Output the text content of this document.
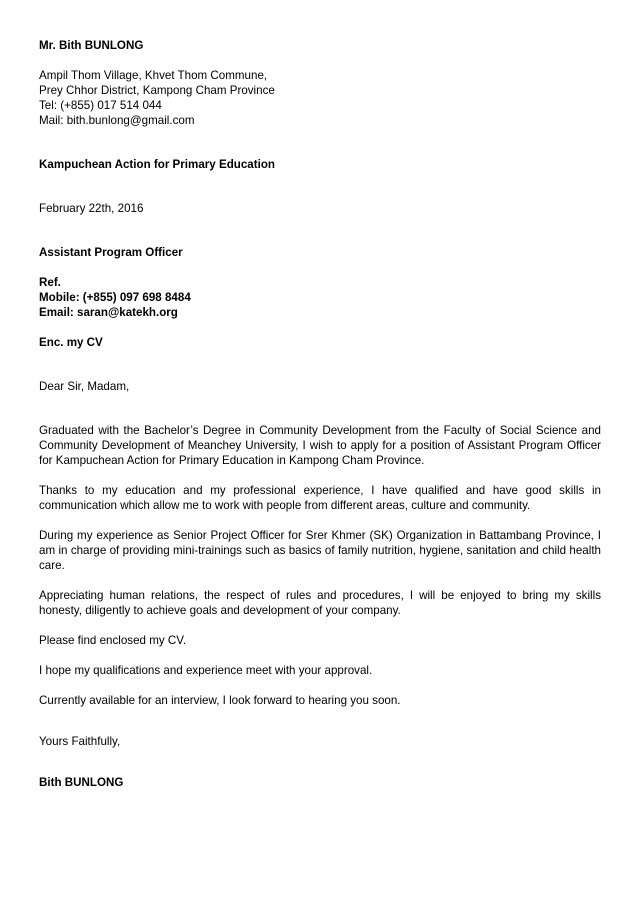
Mr. Bith BUNLONG
Ampil Thom Village, Khvet Thom Commune,
Prey Chhor District, Kampong Cham Province
Tel: (+855) 017 514 044
Mail: bith.bunlong@gmail.com
Kampuchean Action for Primary Education
February 22th, 2016
Assistant Program Officer
Ref.
Mobile: (+855) 097 698 8484
Email: saran@katekh.org
Enc. my CV
Dear Sir, Madam,

Graduated with the Bachelor’s Degree in Community Development from the Faculty of Social Science and Community Development of Meanchey University, I wish to apply for a position of Assistant Program Officer for Kampuchean Action for Primary Education in Kampong Cham Province.

Thanks to my education and my professional experience, I have qualified and have good skills in communication which allow me to work with people from different areas, culture and community.

During my experience as Senior Project Officer for Srer Khmer (SK) Organization in Battambang Province, I am in charge of providing mini-trainings such as basics of family nutrition, hygiene, sanitation and child health care.

Appreciating human relations, the respect of rules and procedures, I will be enjoyed to bring my skills honesty, diligently to achieve goals and development of your company.

Please find enclosed my CV.

I hope my qualifications and experience meet with your approval.

Currently available for an interview, I look forward to hearing you soon.

Yours Faithfully,
Bith BUNLONG
